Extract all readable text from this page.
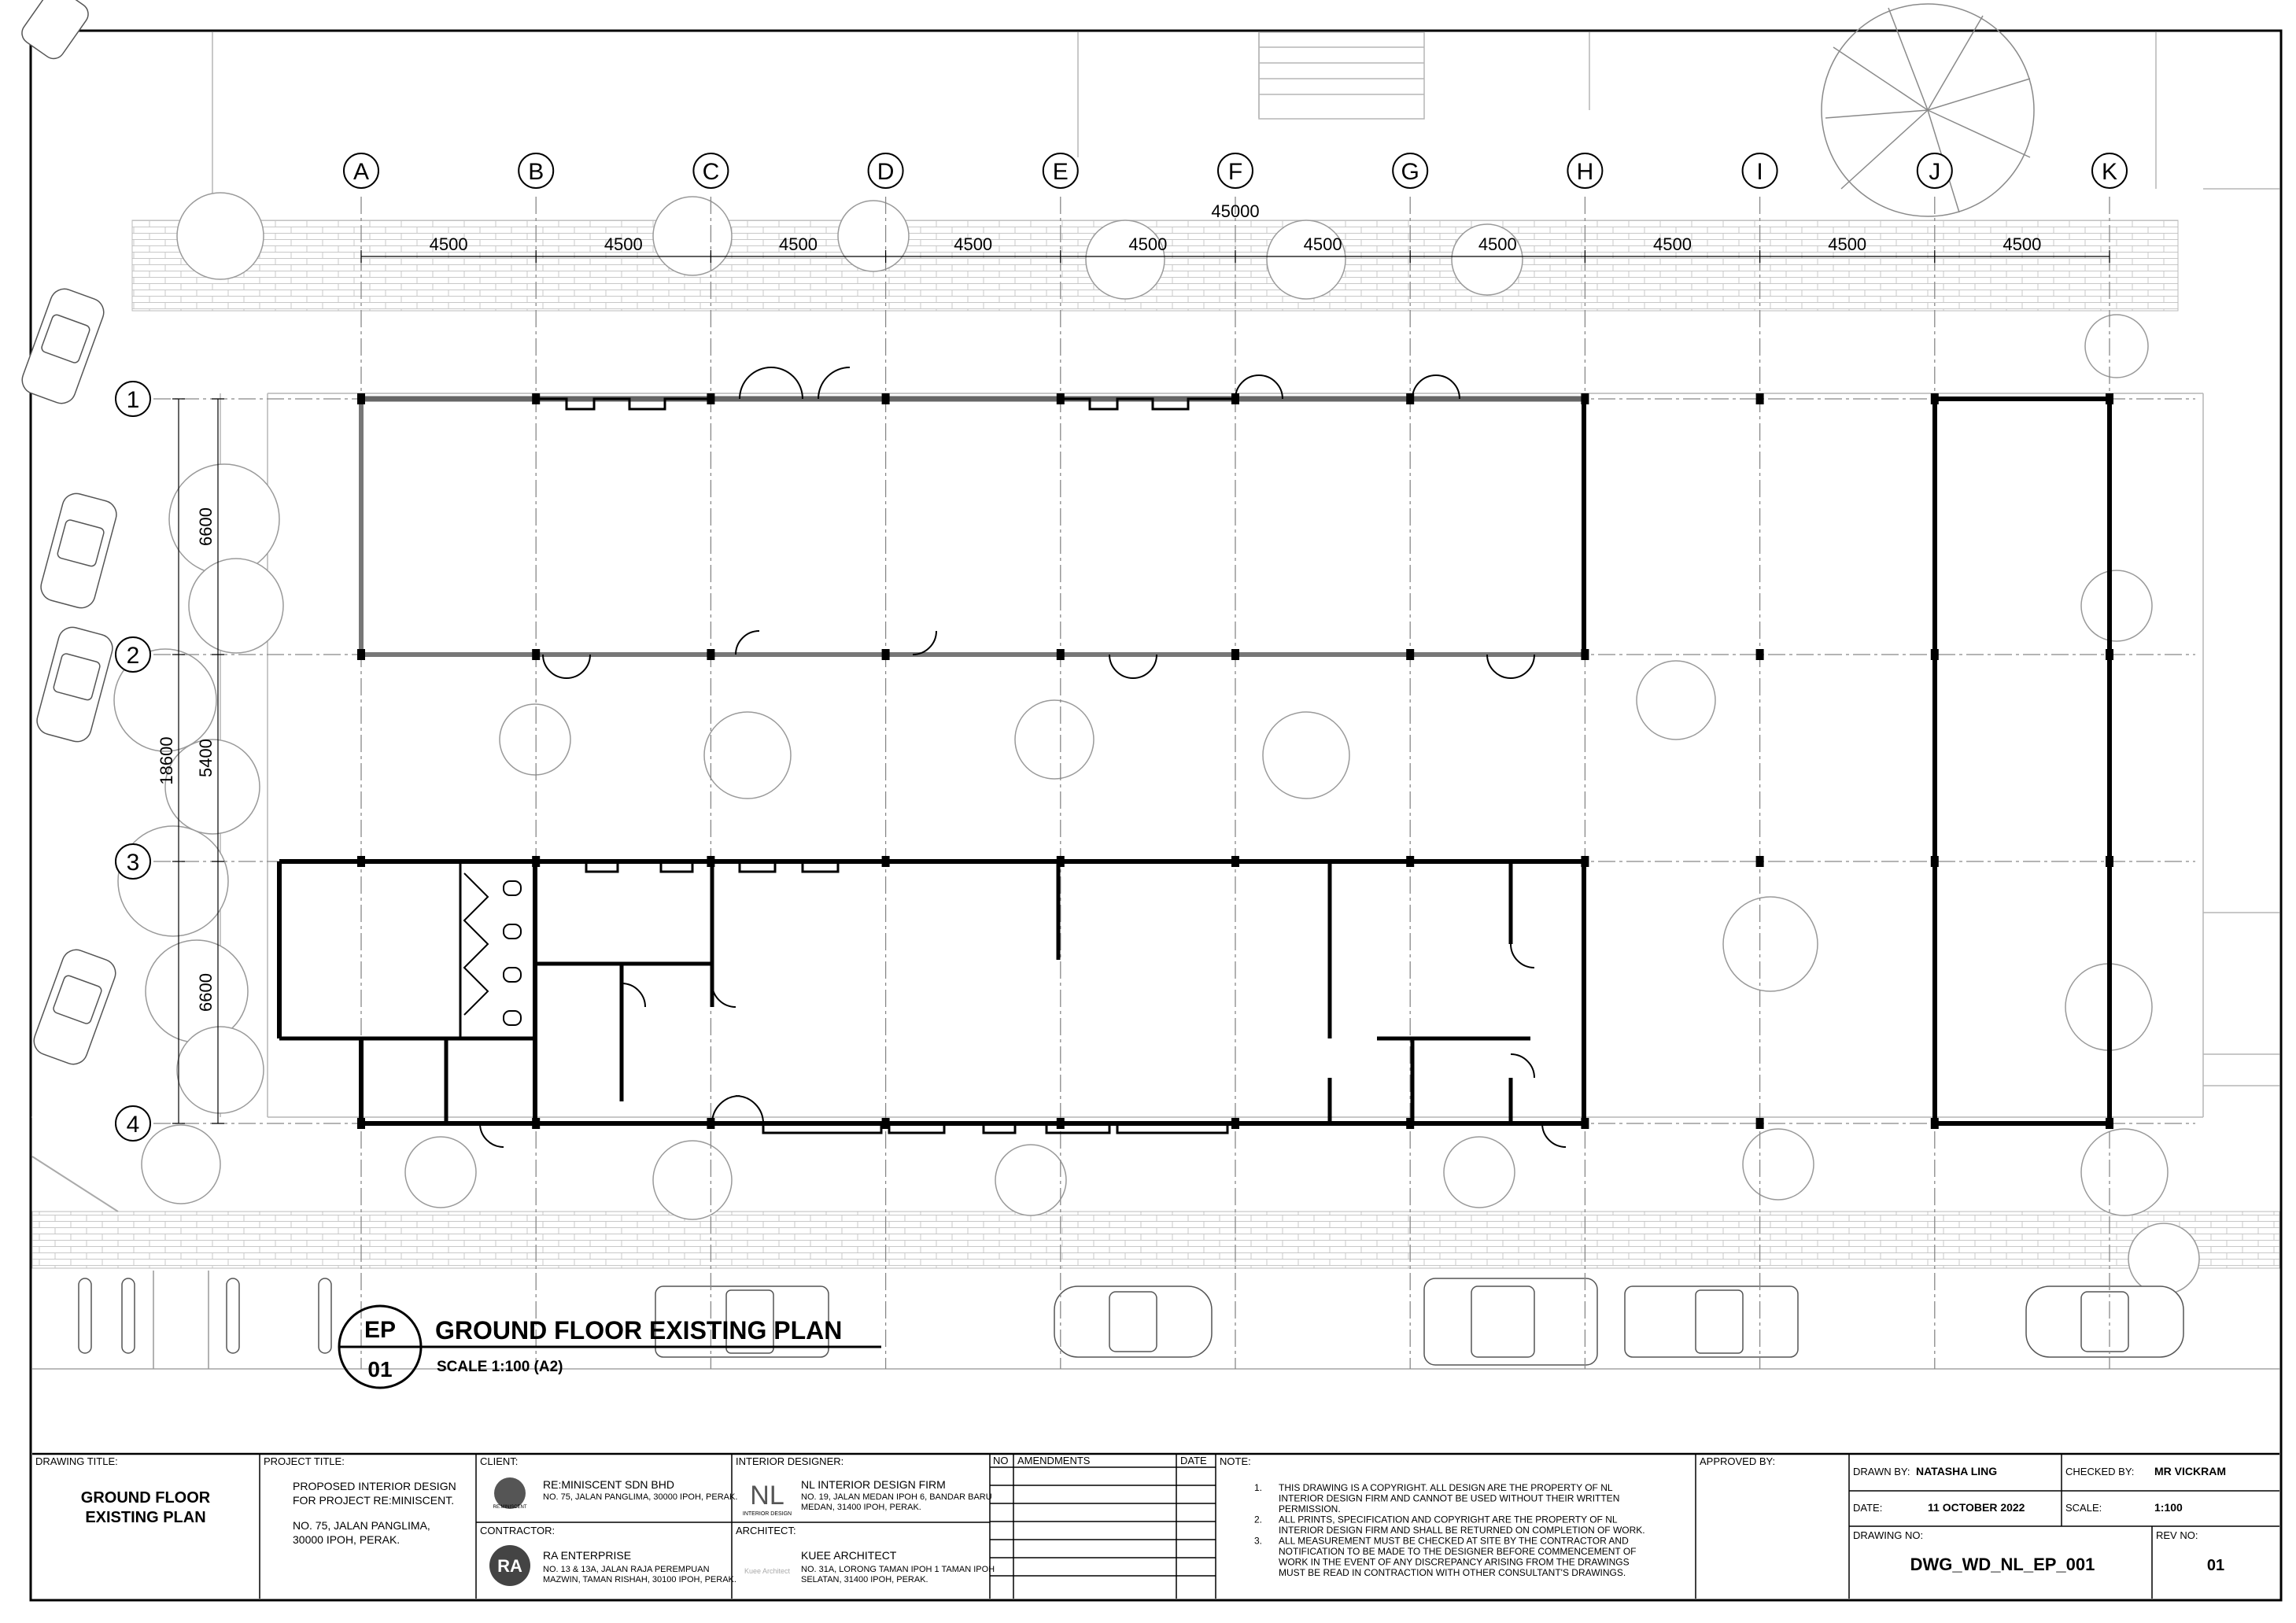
A	B	C	D	E	F	G	H	I	J	K
1
2
3
4
4500	4500	4500	4500	4500	4500	4500	4500	4500	4500
45000
6600
5400
6600
18600
EP
01
GROUND FLOOR EXISTING PLAN
SCALE 1:100 (A2)
DRAWING TITLE:
GROUND FLOOR
EXISTING PLAN
PROJECT TITLE:
PROPOSED INTERIOR DESIGN
FOR PROJECT RE:MINISCENT.
NO. 75, JALAN PANGLIMA,
30000 IPOH, PERAK.
CLIENT:
RE:MINISCENT
RE:MINISCENT SDN BHD
NO. 75, JALAN PANGLIMA, 30000 IPOH, PERAK.
CONTRACTOR:
RA
RA ENTERPRISE
NO. 13 & 13A, JALAN RAJA PEREMPUAN
MAZWIN, TAMAN RISHAH, 30100 IPOH, PERAK.
INTERIOR DESIGNER:
NL
INTERIOR DESIGN
NL INTERIOR DESIGN FIRM
NO. 19, JALAN MEDAN IPOH 6, BANDAR BARU
MEDAN, 31400 IPOH, PERAK.
ARCHITECT:
Kuee Architect
KUEE ARCHITECT
NO. 31A, LORONG TAMAN IPOH 1 TAMAN IPOH
SELATAN, 31400 IPOH, PERAK.
NO AMENDMENTS	DATE NOTE:
1. THIS DRAWING IS A COPYRIGHT. ALL DESIGN ARE THE PROPERTY OF NL
INTERIOR DESIGN FIRM AND CANNOT BE USED WITHOUT THEIR WRITTEN
PERMISSION.
2. ALL PRINTS, SPECIFICATION AND COPYRIGHT ARE THE PROPERTY OF NL
INTERIOR DESIGN FIRM AND SHALL BE RETURNED ON COMPLETION OF WORK.
3. ALL MEASUREMENT MUST BE CHECKED AT SITE BY THE CONTRACTOR AND
NOTIFICATION TO BE MADE TO THE DESIGNER BEFORE COMMENCEMENT OF
WORK IN THE EVENT OF ANY DISCREPANCY ARISING FROM THE DRAWINGS
MUST BE READ IN CONTRACTION WITH OTHER CONSULTANT'S DRAWINGS.
APPROVED BY:
DRAWN BY: NATASHA LING	CHECKED BY: MR VICKRAM
DATE:	11 OCTOBER 2022	SCALE:	1:100
DRAWING NO:
DWG_WD_NL_EP_001
REV NO:
01
